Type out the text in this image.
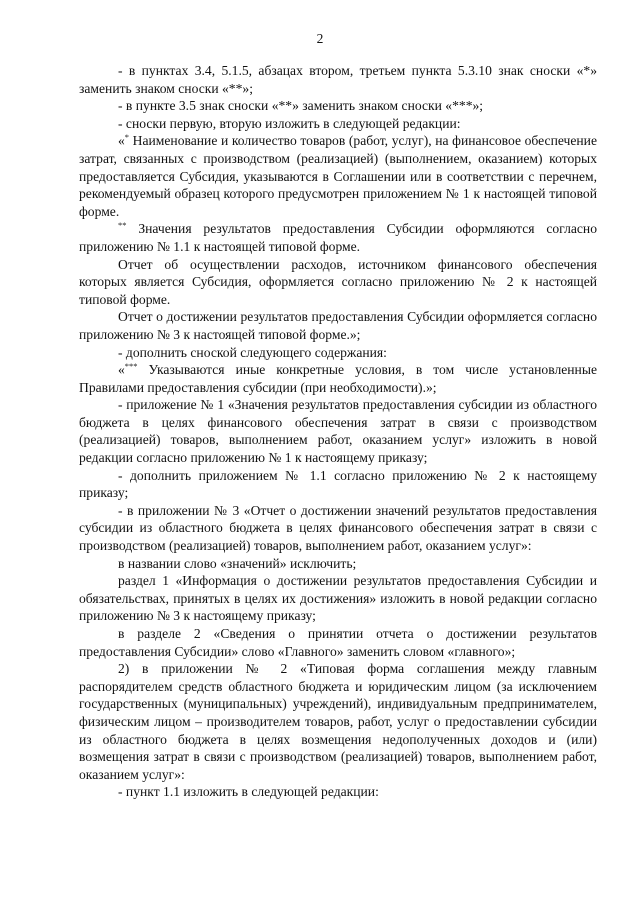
2

- в пунктах 3.4, 5.1.5, абзацах втором, третьем пункта 5.3.10 знак сноски «*» заменить знаком сноски «**»;

- в пункте 3.5 знак сноски «**» заменить знаком сноски «***»;

- сноски первую, вторую изложить в следующей редакции:

«* Наименование и количество товаров (работ, услуг), на финансовое обеспечение затрат, связанных с производством (реализацией) (выполнением, оказанием) которых предоставляется Субсидия, указываются в Соглашении или в соответствии с перечнем, рекомендуемый образец которого предусмотрен приложением № 1 к настоящей типовой форме.

** Значения результатов предоставления Субсидии оформляются согласно приложению № 1.1 к настоящей типовой форме.

Отчет об осуществлении расходов, источником финансового обеспечения которых является Субсидия, оформляется согласно приложению № 2 к настоящей типовой форме.

Отчет о достижении результатов предоставления Субсидии оформляется согласно приложению № 3 к настоящей типовой форме.»;

- дополнить сноской следующего содержания:

«*** Указываются иные конкретные условия, в том числе установленные Правилами предоставления субсидии (при необходимости).»;

- приложение № 1 «Значения результатов предоставления субсидии из областного бюджета в целях финансового обеспечения затрат в связи с производством (реализацией) товаров, выполнением работ, оказанием услуг» изложить в новой редакции согласно приложению № 1 к настоящему приказу;

- дополнить приложением № 1.1 согласно приложению № 2 к настоящему приказу;

- в приложении № 3 «Отчет о достижении значений результатов предоставления субсидии из областного бюджета в целях финансового обеспечения затрат в связи с производством (реализацией) товаров, выполнением работ, оказанием услуг»:

в названии слово «значений» исключить;

раздел 1 «Информация о достижении результатов предоставления Субсидии и обязательствах, принятых в целях их достижения» изложить в новой редакции согласно приложению № 3 к настоящему приказу;

в разделе 2 «Сведения о принятии отчета о достижении результатов предоставления Субсидии» слово «Главного» заменить словом «главного»;

2) в приложении № 2 «Типовая форма соглашения между главным распорядителем средств областного бюджета и юридическим лицом (за исключением государственных (муниципальных) учреждений), индивидуальным предпринимателем, физическим лицом – производителем товаров, работ, услуг о предоставлении субсидии из областного бюджета в целях возмещения недополученных доходов и (или) возмещения затрат в связи с производством (реализацией) товаров, выполнением работ, оказанием услуг»:

- пункт 1.1 изложить в следующей редакции:
